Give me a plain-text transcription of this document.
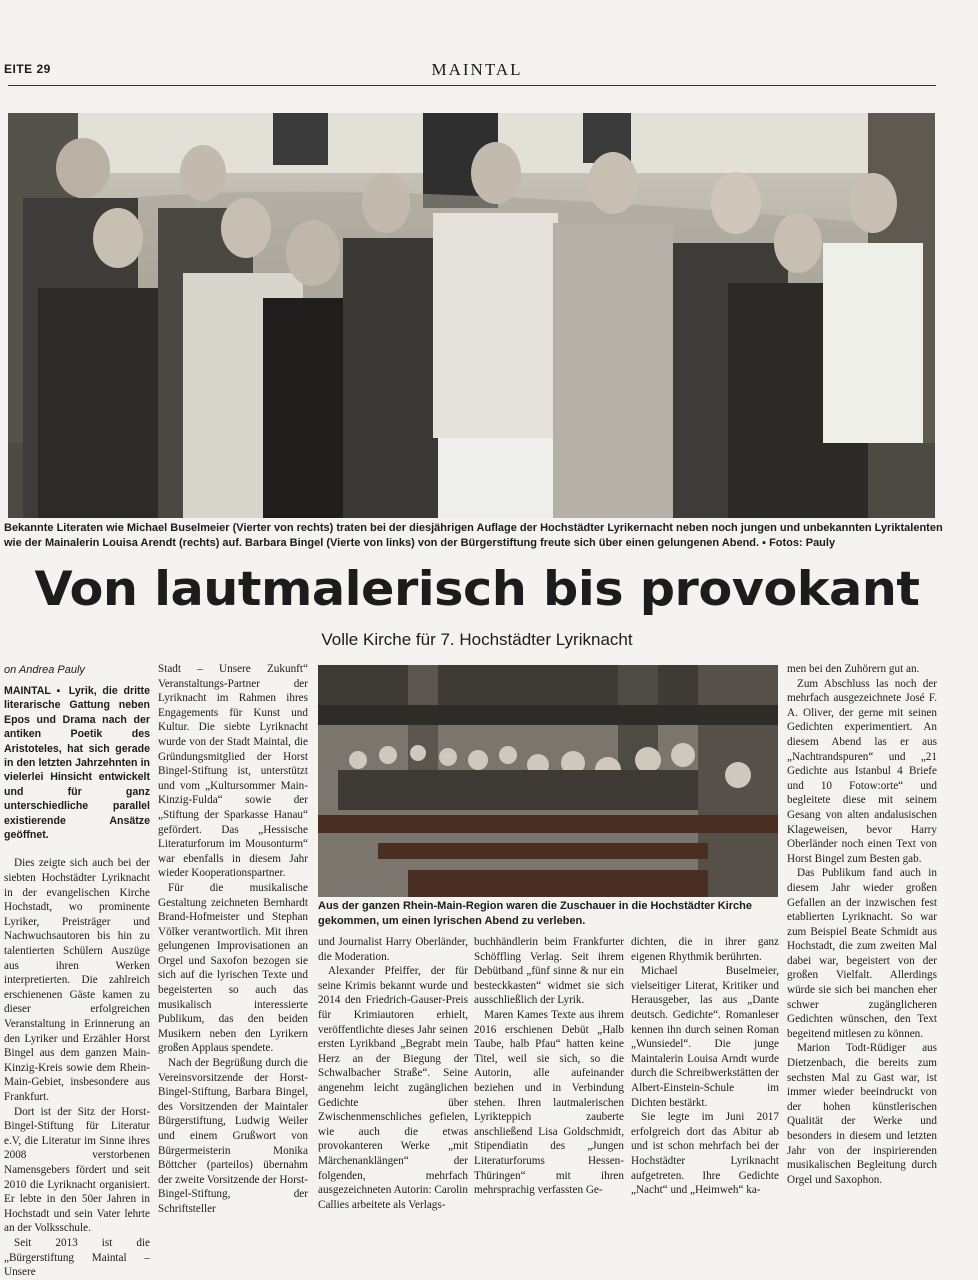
EITE 29	MAINTAL
Bekannte Literaten wie Michael Buselmeier (Vierter von rechts) traten bei der diesjährigen Auflage der Hochstädter Lyrikernacht neben noch jungen und unbekannten Lyriktalenten wie der Mainalerin Louisa Arendt (rechts) auf. Barbara Bingel (Vierte von links) von der Bürgerstiftung freute sich über einen gelungenen Abend. ▪ Fotos: Pauly
Von lautmalerisch bis provokant
Volle Kirche für 7. Hochstädter Lyriknacht
on Andrea Pauly

MAINTAL ▪ Lyrik, die dritte literarische Gattung neben Epos und Drama nach der antiken Poetik des Aristoteles, hat sich gerade in den letzten Jahrzehnten in vielerlei Hinsicht entwickelt und für ganz unterschiedliche parallel existierende Ansätze geöffnet.

Dies zeigte sich auch bei der siebten Hochstädter Lyriknacht in der evangelischen Kirche Hochstadt, wo prominente Lyriker, Preisträger und Nachwuchsautoren bis hin zu talentierten Schülern Auszüge aus ihren Werken interpretierten. Die zahlreich erschienenen Gäste kamen zu dieser erfolgreichen Veranstaltung in Erinnerung an den Lyriker und Erzähler Horst Bingel aus dem ganzen Main-Kinzig-Kreis sowie dem Rhein-Main-Gebiet, insbesondere aus Frankfurt.

Dort ist der Sitz der Horst-Bingel-Stiftung für Literatur e.V, die Literatur im Sinne ihres 2008 verstorbenen Namensgebers fördert und seit 2010 die Lyriknacht organisiert. Er lebte in den 50er Jahren in Hochstadt und sein Vater lehrte an der Volksschule.

Seit 2013 ist die „Bürgerstiftung Maintal – Unsere

Stadt – Unsere Zukunft“ Veranstaltungs-Partner der Lyriknacht im Rahmen ihres Engagements für Kunst und Kultur. Die siebte Lyriknacht wurde von der Stadt Maintal, die Gründungsmitglied der Horst Bingel-Stiftung ist, unterstützt und vom „Kultursommer Main-Kinzig-Fulda“ sowie der „Stiftung der Sparkasse Hanau“ gefördert. Das „Hessische Literaturforum im Mousonturm“ war ebenfalls in diesem Jahr wieder Kooperationspartner.

Für die musikalische Gestaltung zeichneten Bernhardt Brand-Hofmeister und Stephan Völker verantwortlich. Mit ihren gelungenen Improvisationen an Orgel und Saxofon bezogen sie sich auf die lyrischen Texte und begeisterten so auch das musikalisch interessierte Publikum, das den beiden Musikern neben den Lyrikern großen Applaus spendete.

Nach der Begrüßung durch die Vereinsvorsitzende der Horst-Bingel-Stiftung, Barbara Bingel, des Vorsitzenden der Maintaler Bürgerstiftung, Ludwig Weiler und einem Grußwort von Bürgermeisterin Monika Böttcher (parteilos) übernahm der zweite Vorsitzende der Horst-Bingel-Stiftung, der Schriftsteller

Aus der ganzen Rhein-Main-Region waren die Zuschauer in die Hochstädter Kirche gekommen, um einen lyrischen Abend zu verleben.

und Journalist Harry Oberländer, die Moderation.

Alexander Pfeiffer, der für seine Krimis bekannt wurde und 2014 den Friedrich-Gauser-Preis für Krimiautoren erhielt, veröffentlichte dieses Jahr seinen ersten Lyrikband „Begrabt mein Herz an der Biegung der Schwalbacher Straße“. Seine angenehm leicht zugänglichen Gedichte über Zwischenmenschliches gefielen, wie auch die etwas provokanteren Werke „mit Märchenanklängen“ der folgenden, mehrfach ausgezeichneten Autorin: Carolin Callies arbeitete als Verlags-

buchhändlerin beim Frankfurter Schöffling Verlag. Seit ihrem Debütband „fünf sinne & nur ein besteckkasten“ widmet sie sich ausschließlich der Lyrik.

Maren Kames Texte aus ihrem 2016 erschienen Debüt „Halb Taube, halb Pfau“ hatten keine Titel, weil sie sich, so die Autorin, alle aufeinander beziehen und in Verbindung stehen. Ihren lautmalerischen Lyrikteppich zauberte anschließend Lisa Goldschmidt, Stipendiatin des „Jungen Literaturforums Hessen-Thüringen“ mit ihren mehrsprachig verfassten Ge-

dichten, die in ihrer ganz eigenen Rhythmik berührten.

Michael Buselmeier, vielseitiger Literat, Kritiker und Herausgeber, las aus „Dante deutsch. Gedichte“. Romanleser kennen ihn durch seinen Roman „Wunsiedel“. Die junge Maintalerin Louisa Arndt wurde durch die Schreibwerkstätten der Albert-Einstein-Schule im Dichten bestärkt.

Sie legte im Juni 2017 erfolgreich dort das Abitur ab und ist schon mehrfach bei der Hochstädter Lyriknacht aufgetreten. Ihre Gedichte „Nacht“ und „Heimweh“ ka-

men bei den Zuhörern gut an.

Zum Abschluss las noch der mehrfach ausgezeichnete José F. A. Oliver, der gerne mit seinen Gedichten experimentiert. An diesem Abend las er aus „Nachtrandspuren“ und „21 Gedichte aus Istanbul 4 Briefe und 10 Fotow:orte“ und begleitete diese mit seinem Gesang von alten andalusischen Klageweisen, bevor Harry Oberländer noch einen Text von Horst Bingel zum Besten gab.

Das Publikum fand auch in diesem Jahr wieder großen Gefallen an der inzwischen fest etablierten Lyriknacht. So war zum Beispiel Beate Schmidt aus Hochstadt, die zum zweiten Mal dabei war, begeistert von der großen Vielfalt. Allerdings würde sie sich bei manchen eher schwer zugänglicheren Gedichten wünschen, den Text begeitend mitlesen zu können.

Marion Todt-Rüdiger aus Dietzenbach, die bereits zum sechsten Mal zu Gast war, ist immer wieder beeindruckt von der hohen künstlerischen Qualität der Werke und besonders in diesem und letzten Jahr von der inspirierenden musikalischen Begleitung durch Orgel und Saxophon.
